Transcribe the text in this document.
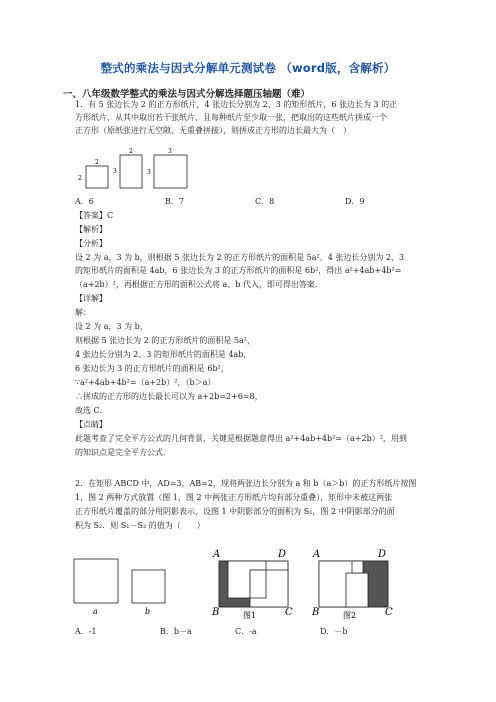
整式的乘法与因式分解单元测试卷 （word版，含解析）
一、八年级数学整式的乘法与因式分解选择题压轴题（难）
1．有 5 张边长为 2 的正方形纸片，4 张边长分别为 2、3 的矩形纸片，6 张边长为 3 的正
方形纸片，从其中取出若干张纸片，且每种纸片至少取一张，把取出的这些纸片拼成一个
正方形（原纸张进行无空隙、无重叠拼接），则拼成正方形的边长最大为（　）
2
2
2
3
3
3
A．6	B．7	C．8	D．9
【答案】C
【解析】
【分析】
设 2 为 a，3 为 b，则根据 5 张边长为 2 的正方形纸片的面积是 5a²，4 张边长分别为 2、3
的矩形纸片的面积是 4ab，6 张边长为 3 的正方形纸片的面积是 6b²，得出 a²+4ab+4b²=
（a+2b）²，再根据正方形的面积公式将 a、b 代入，即可得出答案．
【详解】
解：
设 2 为 a，3 为 b，
则根据 5 张边长为 2 的正方形纸片的面积是 5a²，
4 张边长分别为 2、3 的矩形纸片的面积是 4ab，
6 张边长为 3 的正方形纸片的面积是 6b²，
∵a²+4ab+4b²=（a+2b）²，（b＞a）
∴拼成的正方形的边长最长可以为 a+2b=2+6=8，
故选 C．
【点睛】
此题考查了完全平方公式的几何背景，关键是根据题意得出 a²+4ab+4b²=（a+2b）²，用到
的知识点是完全平方公式．
2．在矩形 ABCD 中，AD=3，AB=2，现将两张边长分别为 a 和 b（a＞b）的正方形纸片按图
1，图 2 两种方式放置（图 1，图 2 中两张正方形纸片均有部分重叠），矩形中未被这两张
正方形纸片覆盖的部分用阴影表示，设图 1 中阴影部分的面积为 S₁，图 2 中阴影部分的面
积为 S₂．则 S₁－S₂ 的值为（　　）
a	b
A	D
B	C
图1
A	D
B	C
图2
A．-1	B．b－a	C．-a	D．－b
